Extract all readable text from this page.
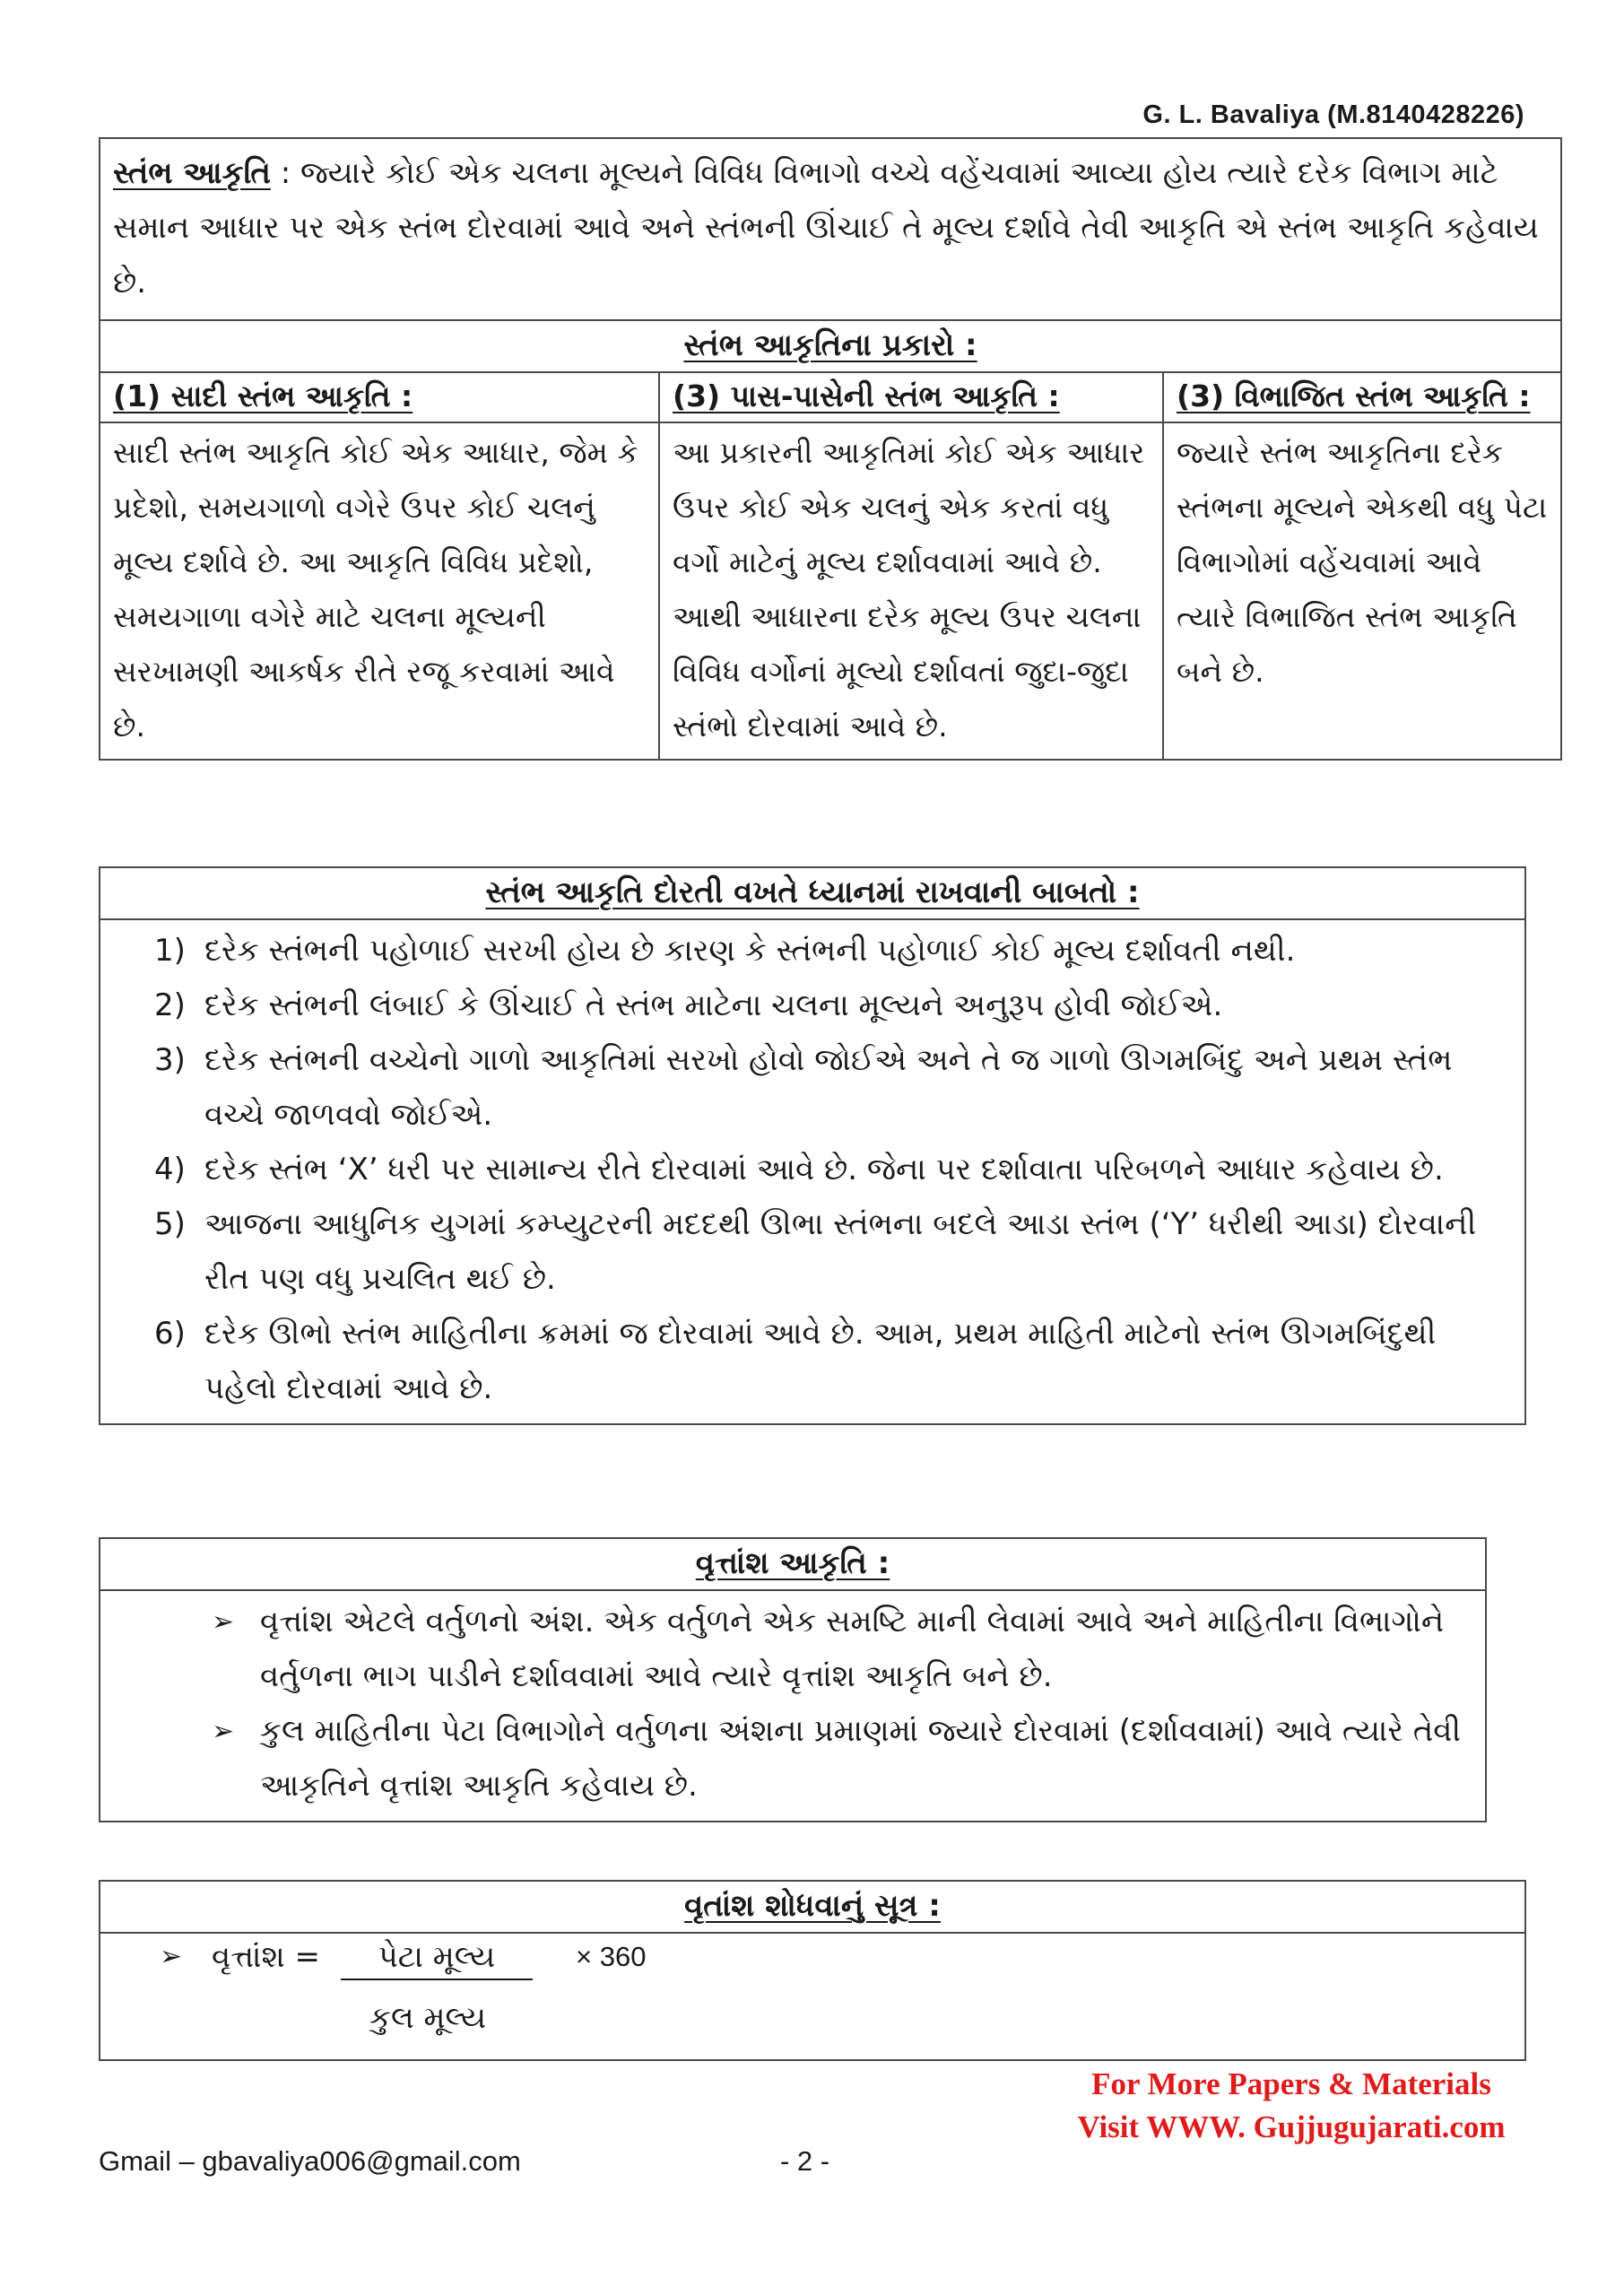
G. L. Bavaliya (M.8140428226)
સ્તંભ આકૃતિ : જ્યારે કોઈ એક ચલના મૂલ્યને વિવિધ વિભાગો વચ્ચે વહેંચવામાં આવ્યા હોય ત્યારે દરેક વિભાગ માટે સમાન આધાર પર એક સ્તંભ દોરવામાં આવે અને સ્તંભની ઊંચાઈ તે મૂલ્ય દર્શાવે તેવી આકૃતિ એ સ્તંભ આકૃતિ કહેવાય છે.		
સ્તંભ આકૃતિના પ્રકારો :		
(1) સાદી સ્તંભ આકૃતિ :	(3) પાસ-પાસેની સ્તંભ આકૃતિ :	(3) વિભાજિત સ્તંભ આકૃતિ :
સાદી સ્તંભ આકૃતિ કોઈ એક આધાર, જેમ કે પ્રદેશો, સમયગાળો વગેરે ઉપર કોઈ ચલનું મૂલ્ય દર્શાવે છે. આ આકૃતિ વિવિધ પ્રદેશો, સમયગાળા વગેરે માટે ચલના મૂલ્યની સરખામણી આકર્ષક રીતે રજૂ કરવામાં આવે છે.	આ પ્રકારની આકૃતિમાં કોઈ એક આધાર ઉપર કોઈ એક ચલનું એક કરતાં વધુ વર્ગો માટેનું મૂલ્ય દર્શાવવામાં આવે છે. આથી આધારના દરેક મૂલ્ય ઉપર ચલના વિવિધ વર્ગોનાં મૂલ્યો દર્શાવતાં જુદા-જુદા સ્તંભો દોરવામાં આવે છે.	જ્યારે સ્તંભ આકૃતિના દરેક સ્તંભના મૂલ્યને એકથી વધુ પેટા વિભાગોમાં વહેંચવામાં આવે ત્યારે વિભાજિત સ્તંભ આકૃતિ બને છે.
સ્તંભ આકૃતિ દોરતી વખતે ધ્યાનમાં રાખવાની બાબતો :

1) દરેક સ્તંભની પહોળાઈ સરખી હોય છે કારણ કે સ્તંભની પહોળાઈ કોઈ મૂલ્ય દર્શાવતી નથી.
2) દરેક સ્તંભની લંબાઈ કે ઊંચાઈ તે સ્તંભ માટેના ચલના મૂલ્યને અનુરૂપ હોવી જોઈએ.
3) દરેક સ્તંભની વચ્ચેનો ગાળો આકૃતિમાં સરખો હોવો જોઈએ અને તે જ ગાળો ઊગમબિંદુ અને પ્રથમ સ્તંભ વચ્ચે જાળવવો જોઈએ.
4) દરેક સ્તંભ ‘X’ ધરી પર સામાન્ય રીતે દોરવામાં આવે છે. જેના પર દર્શાવાતા પરિબળને આધાર કહેવાય છે.
5) આજના આધુનિક યુગમાં કમ્પ્યુટરની મદદથી ઊભા સ્તંભના બદલે આડા સ્તંભ (‘Y’ ધરીથી આડા) દોરવાની રીત પણ વધુ પ્રચલિત થઈ છે.
6) દરેક ઊભો સ્તંભ માહિતીના ક્રમમાં જ દોરવામાં આવે છે. આમ, પ્રથમ માહિતી માટેનો સ્તંભ ઊગમબિંદુથી પહેલો દોરવામાં આવે છે.
વૃત્તાંશ આકૃતિ :

➢ વૃત્તાંશ એટલે વર્તુળનો અંશ. એક વર્તુળને એક સમષ્ટિ માની લેવામાં આવે અને માહિતીના વિભાગોને વર્તુળના ભાગ પાડીને દર્શાવવામાં આવે ત્યારે વૃત્તાંશ આકૃતિ બને છે.
➢ કુલ માહિતીના પેટા વિભાગોને વર્તુળના અંશના પ્રમાણમાં જ્યારે દોરવામાં (દર્શાવવામાં) આવે ત્યારે તેવી આકૃતિને વૃત્તાંશ આકૃતિ કહેવાય છે.
વૃતાંશ શોધવાનું સૂત્ર :

➢ વૃત્તાંશ =	પેટા મૂલ્ય	× 360
કુલ મૂલ્ય
For More Papers & Materials
Visit WWW. Gujjugujarati.com
Gmail – gbavaliya006@gmail.com	- 2 -
